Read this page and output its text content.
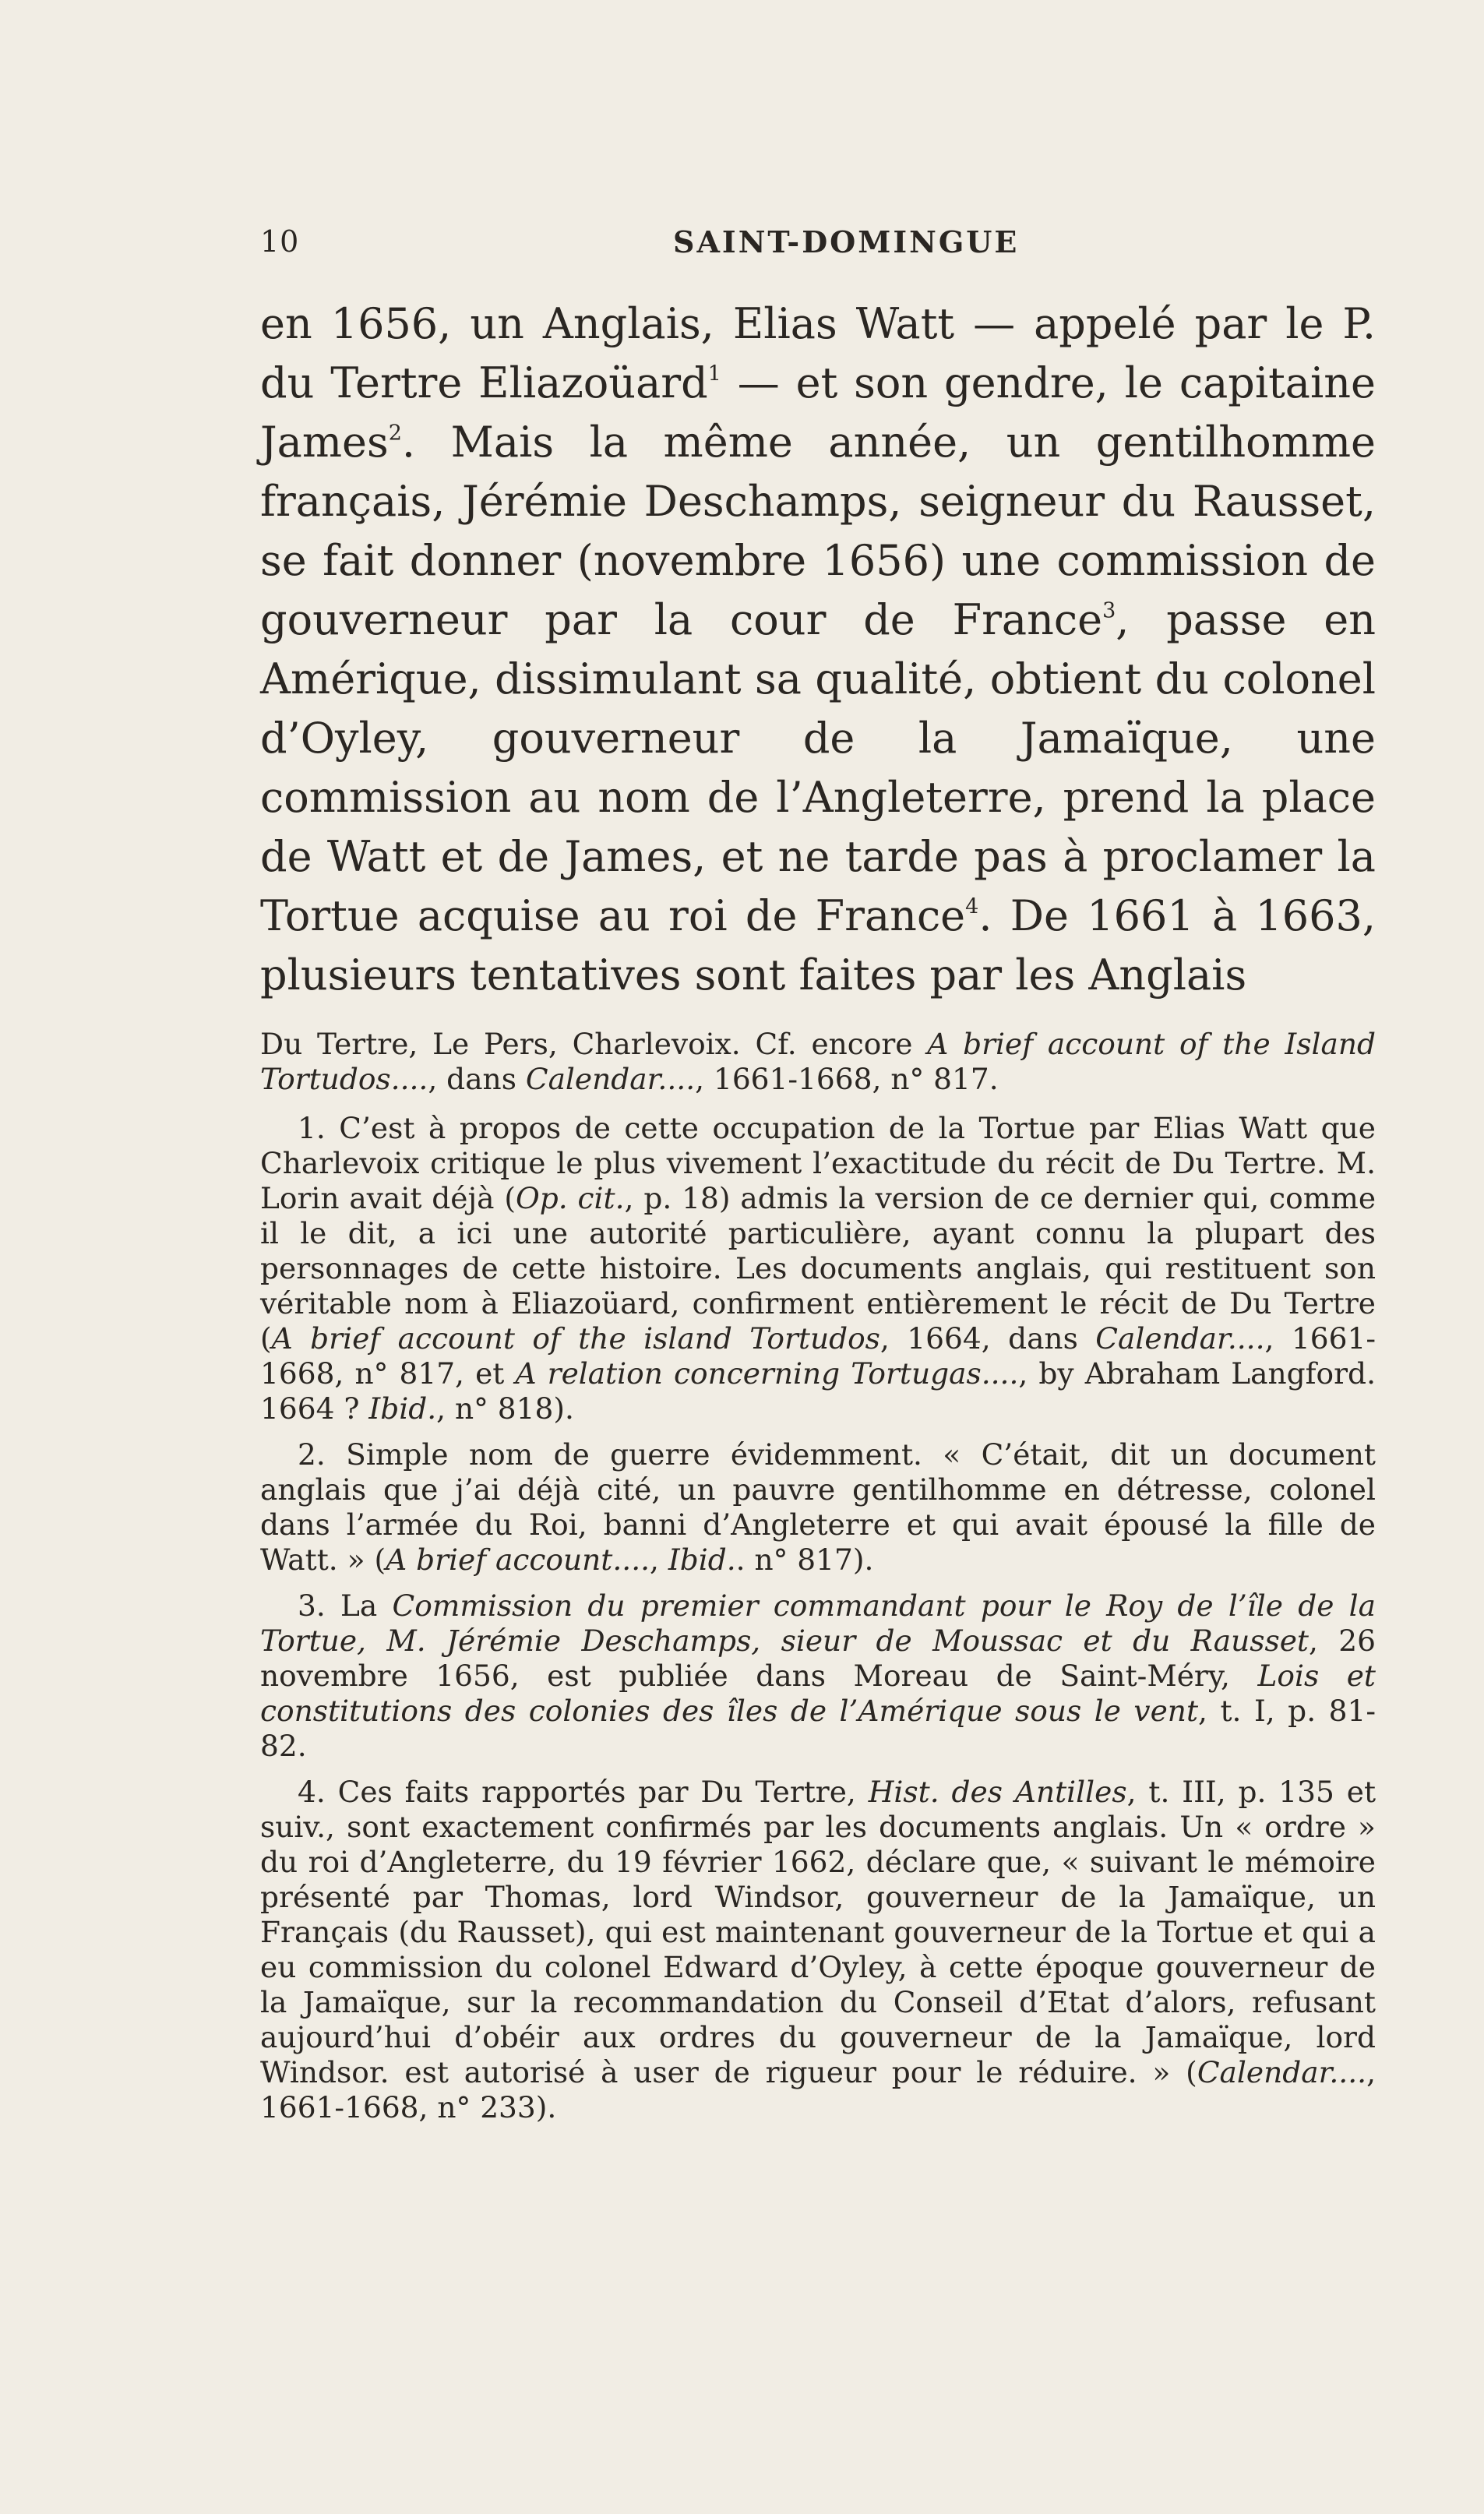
10	SAINT-DOMINGUE

en 1656, un Anglais, Elias Watt — appelé par le P. du Tertre Eliazoüard$^1$ — et son gendre, le capitaine James$^2$. Mais la même année, un gentilhomme français, Jérémie Deschamps, seigneur du Rausset, se fait donner (novembre 1656) une commission de gouverneur par la cour de France$^3$, passe en Amérique, dissimulant sa qualité, obtient du colonel d’Oyley, gouverneur de la Jamaïque, une commission au nom de l’Angleterre, prend la place de Watt et de James, et ne tarde pas à proclamer la Tortue acquise au roi de France$^4$. De 1661 à 1663, plusieurs tentatives sont faites par les Anglais

Du Tertre, Le Pers, Charlevoix. Cf. encore A brief account of the Island Tortudos...., dans Calendar...., 1661-1668, n° 817.

1. C’est à propos de cette occupation de la Tortue par Elias Watt que Charlevoix critique le plus vivement l’exactitude du récit de Du Tertre. M. Lorin avait déjà (Op. cit., p. 18) admis la version de ce dernier qui, comme il le dit, a ici une autorité particulière, ayant connu la plupart des personnages de cette histoire. Les documents anglais, qui restituent son véritable nom à Eliazoüard, confirment entièrement le récit de Du Tertre (A brief account of the island Tortudos, 1664, dans Calendar...., 1661-1668, n° 817, et A relation concerning Tortugas...., by Abraham Langford. 1664 ? Ibid., n° 818).

2. Simple nom de guerre évidemment. « C’était, dit un document anglais que j’ai déjà cité, un pauvre gentilhomme en détresse, colonel dans l’armée du Roi, banni d’Angleterre et qui avait épousé la fille de Watt. » (A brief account...., Ibid.. n° 817).

3. La Commission du premier commandant pour le Roy de l’île de la Tortue, M. Jérémie Deschamps, sieur de Moussac et du Rausset, 26 novembre 1656, est publiée dans Moreau de Saint-Méry, Lois et constitutions des colonies des îles de l’Amérique sous le vent, t. I, p. 81-82.

4. Ces faits rapportés par Du Tertre, Hist. des Antilles, t. III, p. 135 et suiv., sont exactement confirmés par les documents anglais. Un « ordre » du roi d’Angleterre, du 19 février 1662, déclare que, « suivant le mémoire présenté par Thomas, lord Windsor, gouverneur de la Jamaïque, un Français (du Rausset), qui est maintenant gouverneur de la Tortue et qui a eu commission du colonel Edward d’Oyley, à cette époque gouverneur de la Jamaïque, sur la recommandation du Conseil d’Etat d’alors, refusant aujourd’hui d’obéir aux ordres du gouverneur de la Jamaïque, lord Windsor. est autorisé à user de rigueur pour le réduire. » (Calendar...., 1661-1668, n° 233).
